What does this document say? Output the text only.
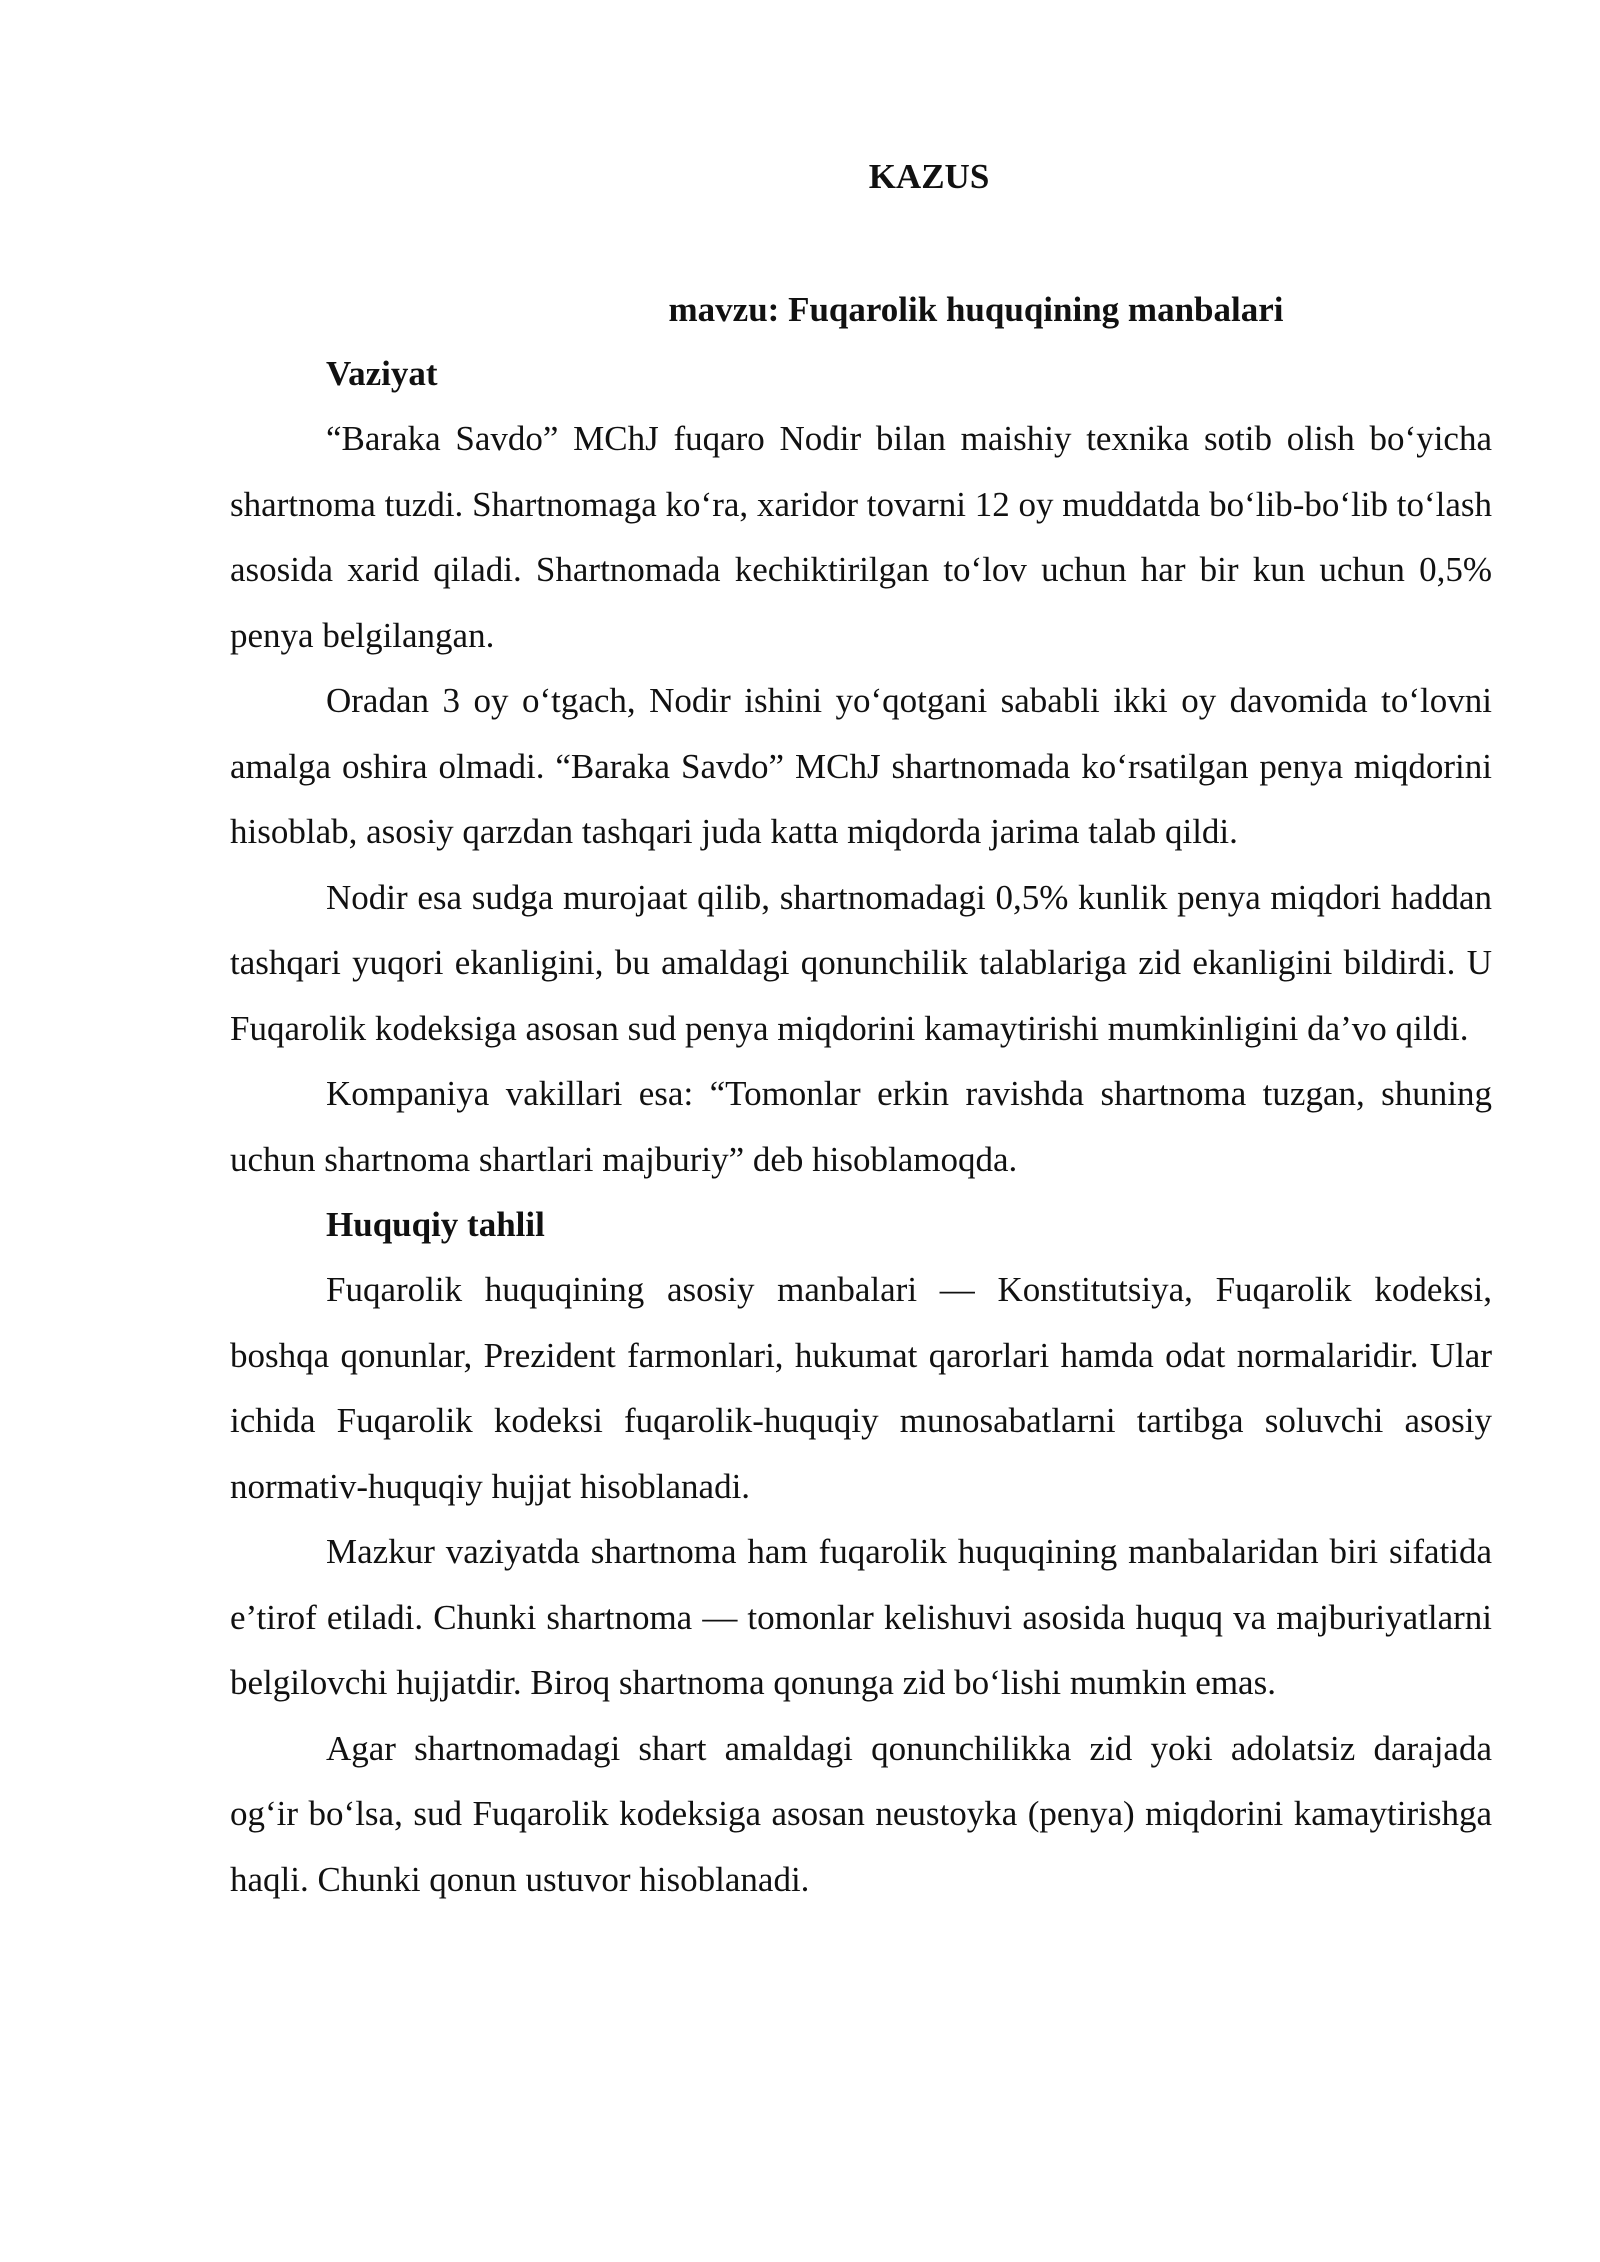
KAZUS
mavzu: Fuqarolik huquqining manbalari
Vaziyat

“Baraka Savdo” MChJ fuqaro Nodir bilan maishiy texnika sotib olish bo‘yicha shartnoma tuzdi. Shartnomaga ko‘ra, xaridor tovarni 12 oy muddatda bo‘lib-bo‘lib to‘lash asosida xarid qiladi. Shartnomada kechiktirilgan to‘lov uchun har bir kun uchun 0,5% penya belgilangan.

Oradan 3 oy o‘tgach, Nodir ishini yo‘qotgani sababli ikki oy davomida to‘lovni amalga oshira olmadi. “Baraka Savdo” MChJ shartnomada ko‘rsatilgan penya miqdorini hisoblab, asosiy qarzdan tashqari juda katta miqdorda jarima talab qildi.

Nodir esa sudga murojaat qilib, shartnomadagi 0,5% kunlik penya miqdori haddan tashqari yuqori ekanligini, bu amaldagi qonunchilik talablariga zid ekanligini bildirdi. U Fuqarolik kodeksiga asosan sud penya miqdorini kamaytirishi mumkinligini da’vo qildi.

Kompaniya vakillari esa: “Tomonlar erkin ravishda shartnoma tuzgan, shuning uchun shartnoma shartlari majburiy” deb hisoblamoqda.

Huquqiy tahlil

Fuqarolik huquqining asosiy manbalari — Konstitutsiya, Fuqarolik kodeksi, boshqa qonunlar, Prezident farmonlari, hukumat qarorlari hamda odat normalaridir. Ular ichida Fuqarolik kodeksi fuqarolik-huquqiy munosabatlarni tartibga soluvchi asosiy normativ-huquqiy hujjat hisoblanadi.

Mazkur vaziyatda shartnoma ham fuqarolik huquqining manbalaridan biri sifatida e’tirof etiladi. Chunki shartnoma — tomonlar kelishuvi asosida huquq va majburiyatlarni belgilovchi hujjatdir. Biroq shartnoma qonunga zid bo‘lishi mumkin emas.

Agar shartnomadagi shart amaldagi qonunchilikka zid yoki adolatsiz darajada og‘ir bo‘lsa, sud Fuqarolik kodeksiga asosan neustoyka (penya) miqdorini kamaytirishga haqli. Chunki qonun ustuvor hisoblanadi.
